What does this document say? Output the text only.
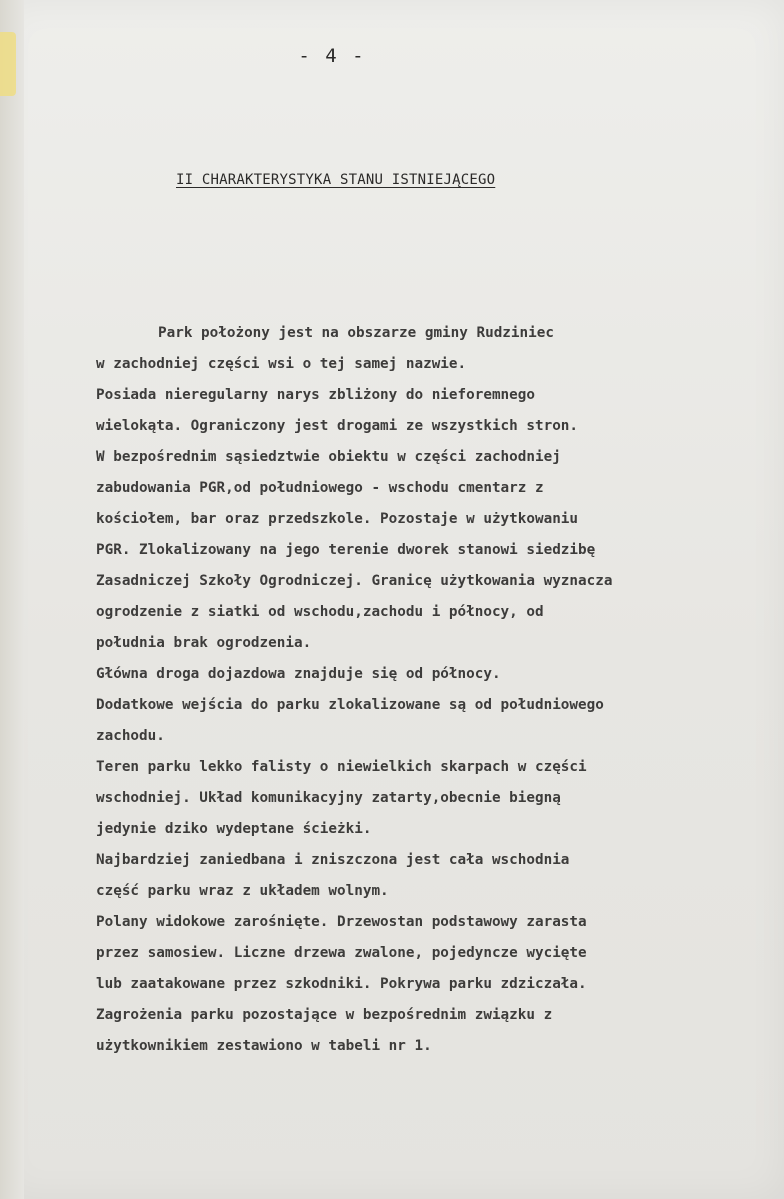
- 4 -
II CHARAKTERYSTYKA STANU ISTNIEJĄCEGO
Park położony jest na obszarze gminy Rudziniec
w zachodniej części wsi o tej samej nazwie.
Posiada nieregularny narys zbliżony do nieforemnego
wielokąta. Ograniczony jest drogami ze wszystkich stron.
W bezpośrednim sąsiedztwie obiektu w części zachodniej
zabudowania PGR,od południowego - wschodu cmentarz z
kościołem, bar oraz przedszkole. Pozostaje w użytkowaniu
PGR. Zlokalizowany na jego terenie dworek stanowi siedzibę
Zasadniczej Szkoły Ogrodniczej. Granicę użytkowania wyznacza
ogrodzenie z siatki od wschodu,zachodu i północy, od
południa brak ogrodzenia.
Główna droga dojazdowa znajduje się od północy.
Dodatkowe wejścia do parku zlokalizowane są od południowego
zachodu.
Teren parku lekko falisty o niewielkich skarpach w części
wschodniej. Układ komunikacyjny zatarty,obecnie biegną
jedynie dziko wydeptane ścieżki.
Najbardziej zaniedbana i zniszczona jest cała wschodnia
część parku wraz z układem wolnym.
Polany widokowe zarośnięte. Drzewostan podstawowy zarasta
przez samosiew. Liczne drzewa zwalone, pojedyncze wycięte
lub zaatakowane przez szkodniki. Pokrywa parku zdziczała.
Zagrożenia parku pozostające w bezpośrednim związku z
użytkownikiem zestawiono w tabeli nr 1.
